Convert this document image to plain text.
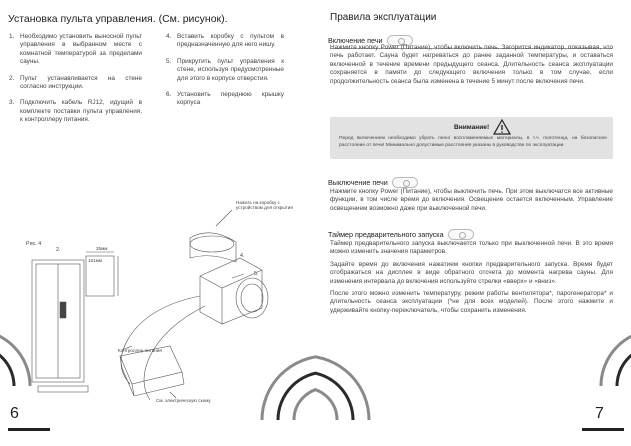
Установка пульта управления. (См. рисунок).
1. Необходимо установить выносной пульт управления в выбранном месте с комнатной температурой за пределами сауны.
2. Пульт устанавливается на стене согласно инструкции.
3. Подключить кабель RJ12, идущий в комплекте поставки пульта управления, к контроллеру питания.
4. Вставить коробку с пультом в предназначенную для него нишу.
5. Прикрутить пульт управления к стене, используя предусмотренные для этого в корпусе отверстия.
6. Установить переднюю крышку корпуса
Рис. 4
2.
4.
5.
25мм
161мм
Нажать на коробку с устройством для открытия
Контроллер питания
См. электрическую схему
6
Правила эксплуатации
Включение печи
Нажмите кнопку Power (Питание), чтобы включить печь. Загорится индикатор, показывая, что печь работает. Сауна будет нагреваться до ранее заданной температуры, и оставаться включенной в течение времени предыдущего сеанса. Длительность сеанса эксплуатации сохраняется в памяти до следующего включения только в том случае, если продолжительность сеанса была изменена в течение 5 минут после включения печи.
Внимание!
Перед включением необходимо убрать легко воспламеняемые материалы, в т.ч. полотенца, на безопасное расстояние от печи! Минимально допустимые расстояния указаны в руководстве по эксплуатации.
Выключение печи
Нажмите кнопку Power (Питание), чтобы выключить печь. При этом выключатся все активные функции, в том числе время до включения. Освещение остается включенным. Управление освещением возможно даже при выключенной печи.
Таймер предварительного запуска

Таймер предварительного запуска выключается только при выключенной печи. В это время можно изменить значения параметров.

Задайте время до включения нажатием кнопки предварительного запуска. Время будет отображаться на дисплее в виде обратного отсчета до момента нагрева сауны. Для изменения интервала до включения используйте стрелки «вверх» и «вниз».

После этого можно изменить температуру, режим работы вентилятора*, парогенератора* и длительность сеанса эксплуатации (*не для всех моделей). После этого нажмите и удерживайте кнопку-переключатель, чтобы сохранить изменения.

7
